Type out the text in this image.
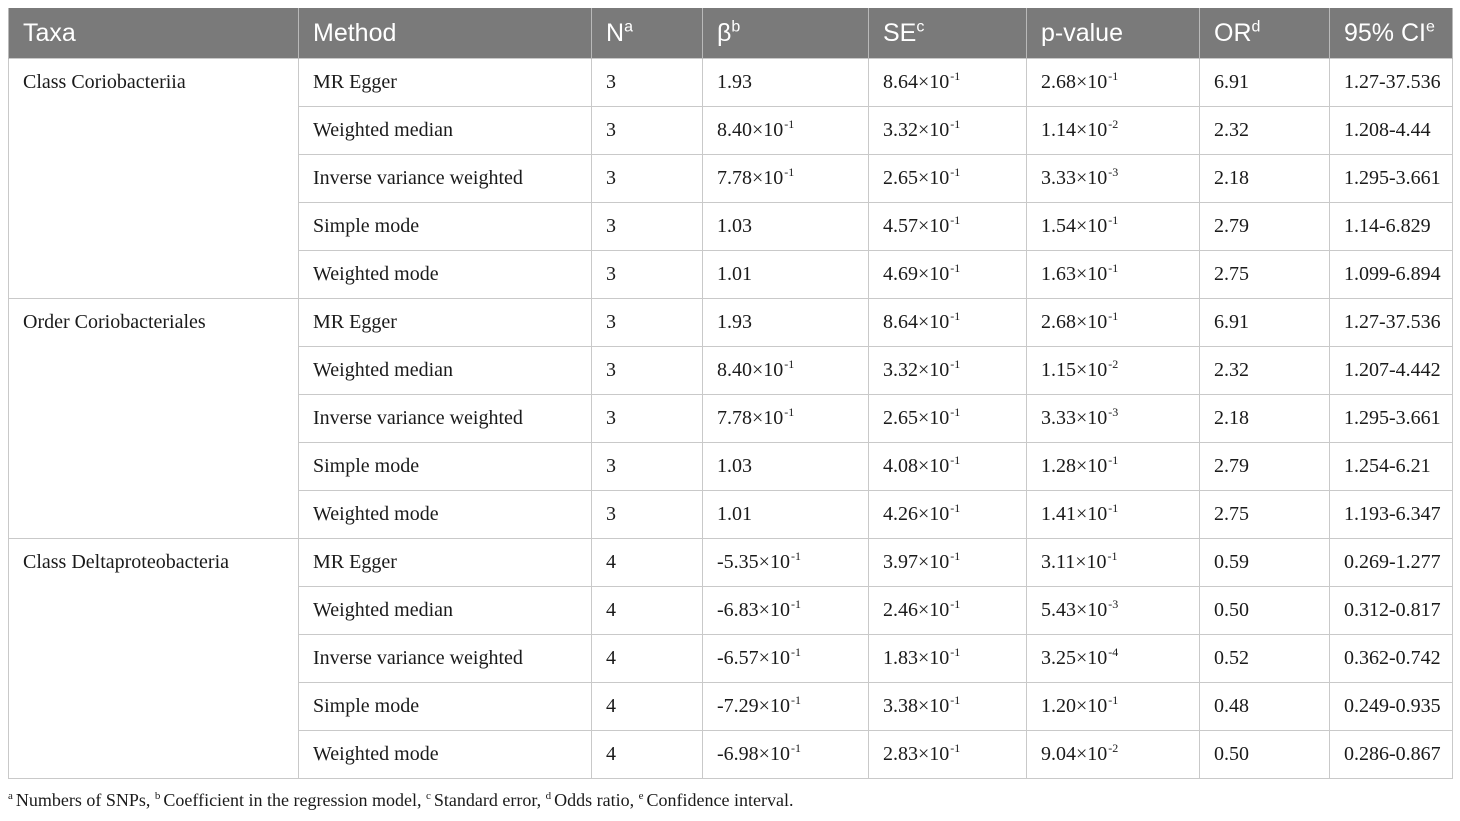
Taxa	Method	$N^a$	$\beta^b$	$SE^c$	p-value	$OR^d$	95% CIe
Class Coriobacteriia	MR Egger	3	1.93	$8.64\times 10^{-1}$	$2.68\times 10^{-1}$	6.91	1.27-37.536
	Weighted median	3	$8.40\times 10^{-1}$	$3.32\times 10^{-1}$	$1.14\times 10^{-2}$	2.32	1.208-4.44
	Inverse variance weighted	3	$7.78\times 10^{-1}$	$2.65\times 10^{-1}$	$3.33\times 10^{-3}$	2.18	1.295-3.661
	Simple mode	3	1.03	$4.57\times 10^{-1}$	$1.54\times 10^{-1}$	2.79	1.14-6.829
	Weighted mode	3	1.01	$4.69\times 10^{-1}$	$1.63\times 10^{-1}$	2.75	1.099-6.894
Order Coriobacteriales	MR Egger	3	1.93	$8.64\times 10^{-1}$	$2.68\times 10^{-1}$	6.91	1.27-37.536
	Weighted median	3	$8.40\times 10^{-1}$	$3.32\times 10^{-1}$	$1.15\times 10^{-2}$	2.32	1.207-4.442
	Inverse variance weighted	3	$7.78\times 10^{-1}$	$2.65\times 10^{-1}$	$3.33\times 10^{-3}$	2.18	1.295-3.661
	Simple mode	3	1.03	$4.08\times 10^{-1}$	$1.28\times 10^{-1}$	2.79	1.254-6.21
	Weighted mode	3	1.01	$4.26\times 10^{-1}$	$1.41\times 10^{-1}$	2.75	1.193-6.347
Class Deltaproteobacteria	MR Egger	4	$-5.35\times 10^{-1}$	$3.97\times 10^{-1}$	$3.11\times 10^{-1}$	0.59	0.269-1.277
	Weighted median	4	$-6.83\times 10^{-1}$	$2.46\times 10^{-1}$	$5.43\times 10^{-3}$	0.50	0.312-0.817
	Inverse variance weighted	4	$-6.57\times 10^{-1}$	$1.83\times 10^{-1}$	$3.25\times 10^{-4}$	0.52	0.362-0.742
	Simple mode	4	$-7.29\times 10^{-1}$	$3.38\times 10^{-1}$	$1.20\times 10^{-1}$	0.48	0.249-0.935
	Weighted mode	4	$-6.98\times 10^{-1}$	$2.83\times 10^{-1}$	$9.04\times 10^{-2}$	0.50	0.286-0.867
$^a$ Numbers of SNPs, $^b$ Coefficient in the regression model, $^c$ Standard error, $^d$ Odds ratio, $^e$ Confidence interval.
